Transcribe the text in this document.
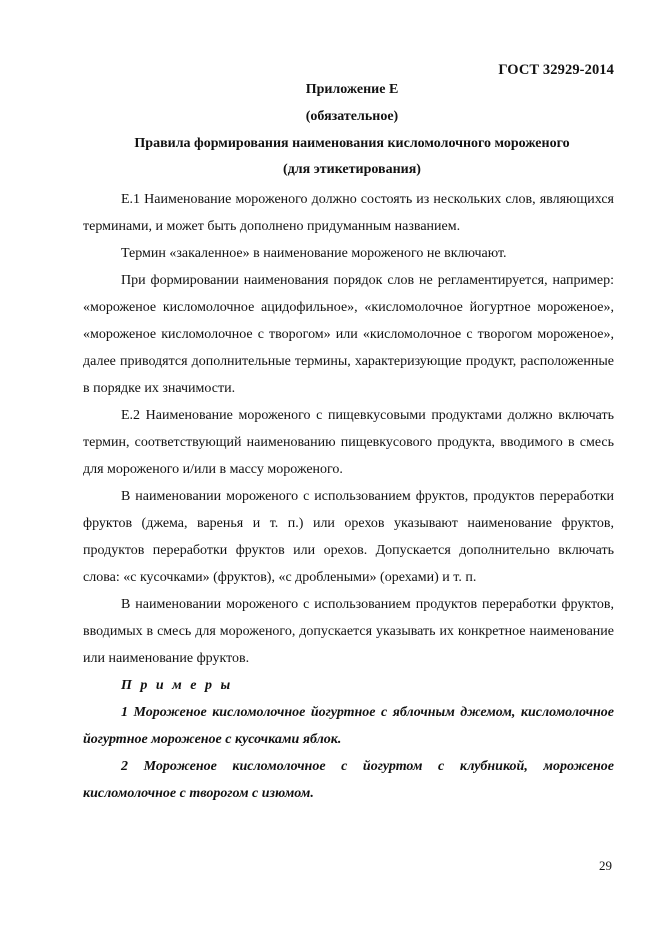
ГОСТ 32929-2014
Приложение Е
(обязательное)
Правила формирования наименования кисломолочного мороженого
(для этикетирования)

Е.1 Наименование мороженого должно состоять из нескольких слов, являющихся терминами, и может быть дополнено придуманным названием.

Термин «закаленное» в наименование мороженого не включают.

При формировании наименования порядок слов не регламентируется, например: «мороженое кисломолочное ацидофильное», «кисломолочное йогуртное мороженое», «мороженое кисломолочное с творогом» или «кисломолочное с творогом мороженое», далее приводятся дополнительные термины, характеризующие продукт, расположенные в порядке их значимости.

Е.2 Наименование мороженого с пищевкусовыми продуктами должно включать термин, соответствующий наименованию пищевкусового продукта, вводимого в смесь для мороженого и/или в массу мороженого.

В наименовании мороженого с использованием фруктов, продуктов переработки фруктов (джема, варенья и т. п.) или орехов указывают наименование фруктов, продуктов переработки фруктов или орехов. Допускается дополнительно включать слова: «с кусочками» (фруктов), «с дроблеными» (орехами) и т. п.

В наименовании мороженого с использованием продуктов переработки фруктов, вводимых в смесь для мороженого, допускается указывать их конкретное наименование или наименование фруктов.

П р и м е р ы

1 Мороженое кисломолочное йогуртное с яблочным джемом, кисломолочное йогуртное мороженое с кусочками яблок.

2 Мороженое кисломолочное с йогуртом с клубникой, мороженое кисломолочное с творогом с изюмом.

29
